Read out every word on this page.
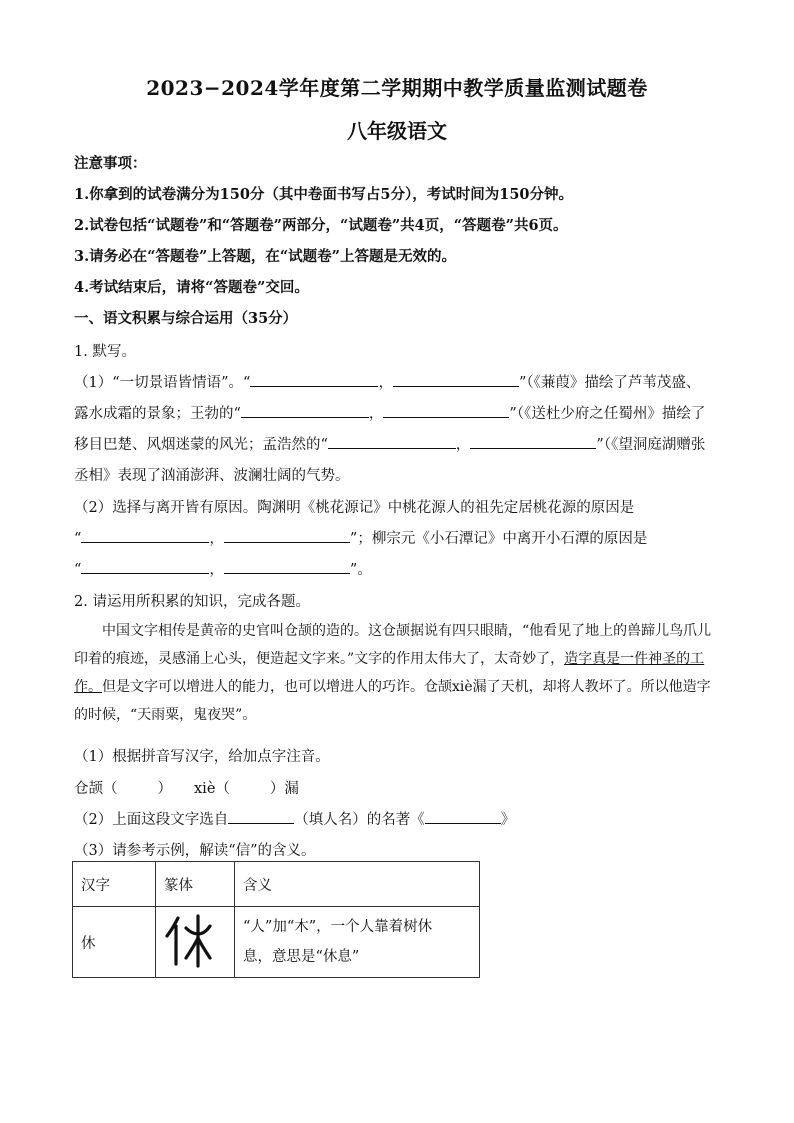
2023−2024学年度第二学期期中教学质量监测试题卷
八年级语文
注意事项：
1.你拿到的试卷满分为150分（其中卷面书写占5分），考试时间为150分钟。
2.试卷包括“试题卷”和“答题卷”两部分，“试题卷”共4页，“答题卷”共6页。
3.请务必在“答题卷”上答题，在“试题卷”上答题是无效的。
4.考试结束后，请将“答题卷”交回。
一、语文积累与综合运用（35分）
1. 默写。
（1）“一切景语皆情语”。“	，	”（《蒹葭》描绘了芦苇茂盛、
露水成霜的景象；王勃的“	，	”（《送杜少府之任蜀州》描绘了
移目巴楚、风烟迷蒙的风光；孟浩然的“	，	”（《望洞庭湖赠张
丞相》表现了汹涌澎湃、波澜壮阔的气势。
（2）选择与离开皆有原因。陶渊明《桃花源记》中桃花源人的祖先定居桃花源的原因是
“	，	”；柳宗元《小石潭记》中离开小石潭的原因是
“	，	”。
2. 请运用所积累的知识，完成各题。
中国文字相传是黄帝的史官叫仓颉的造的。这仓颉据说有四只眼睛，“他看见了地上的兽蹄儿鸟爪儿印着的痕迹，灵感涌上心头，便造起文字来。”文字的作用太伟大了，太奇妙了，造字真是一件神圣的工作。但是文字可以增进人的能力，也可以增进人的巧诈。仓颉xiè漏了天机，却将人教坏了。所以他造字的时候，“天雨粟，鬼夜哭”。
（1）根据拼音写汉字，给加点字注音。
仓颉（	） xiè（	）漏
（2）上面这段文字选自	（填人名）的名著《	》
（3）请参考示例，解读“信”的含义。
汉字	篆体	含义
休		“人”加“木”，一个人靠着树休
息，意思是“休息”
